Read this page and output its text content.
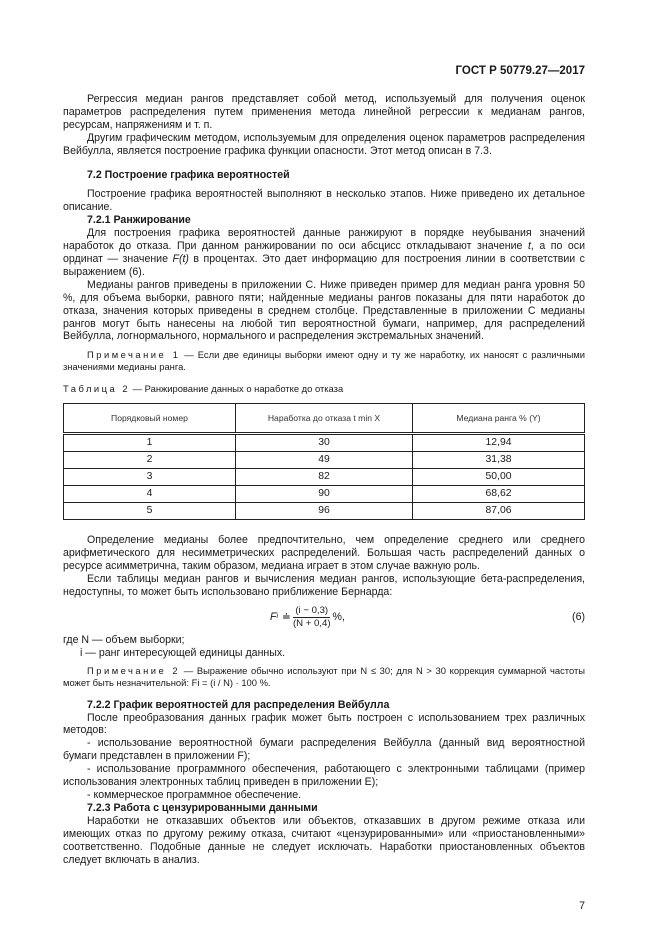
ГОСТ Р 50779.27—2017

Регрессия медиан рангов представляет собой метод, используемый для получения оценок параметров распределения путем применения метода линейной регрессии к медианам рангов, ресурсам, напряжениям и т. п.

Другим графическим методом, используемым для определения оценок параметров распределения Вейбулла, является построение графика функции опасности. Этот метод описан в 7.3.

7.2 Построение графика вероятностей

Построение графика вероятностей выполняют в несколько этапов. Ниже приведено их детальное описание.

7.2.1 Ранжирование

Для построения графика вероятностей данные ранжируют в порядке неубывания значений наработок до отказа. При данном ранжировании по оси абсцисс откладывают значение t, а по оси ординат — значение F(t) в процентах. Это дает информацию для построения линии в соответствии с выражением (6).

Медианы рангов приведены в приложении С. Ниже приведен пример для медиан ранга уровня 50 %, для объема выборки, равного пяти; найденные медианы рангов показаны для пяти наработок до отказа, значения которых приведены в среднем столбце. Представленные в приложении С медианы рангов могут быть нанесены на любой тип вероятностной бумаги, например, для распределений Вейбулла, логнормального, нормального и распределения экстремальных значений.

Примечание 1 — Если две единицы выборки имеют одну и ту же наработку, их наносят с различными значениями медианы ранга.

Таблица 2 — Ранжирование данных о наработке до отказа
Порядковый номер	Наработка до отказа t min X	Медиана ранга % (Y)
1	30	12,94
2	49	31,38
3	82	50,00
4	90	68,62
5	96	87,06

Определение медианы более предпочтительно, чем определение среднего или среднего арифметического для несимметрических распределений. Большая часть распределений данных о ресурсе асимметрична, таким образом, медиана играет в этом случае важную роль.

Если таблицы медиан рангов и вычисления медиан рангов, использующие бета-распределения, недоступны, то может быть использовано приближение Бернарда:

F i ≐ $\frac{(i - 0,3)}{(N + 0,4)}$ %,	(6)
где N — объем выборки;
i — ранг интересующей единицы данных.

Примечание 2 — Выражение обычно используют при N ≤ 30; для N > 30 коррекция суммарной частоты может быть незначительной: Fi = (i / N) · 100 %.

7.2.2 График вероятностей для распределения Вейбулла

После преобразования данных график может быть построен с использованием трех различных методов:

- использование вероятностной бумаги распределения Вейбулла (данный вид вероятностной бумаги представлен в приложении F);

- использование программного обеспечения, работающего с электронными таблицами (пример использования электронных таблиц приведен в приложении Е);

- коммерческое программное обеспечение.

7.2.3 Работа с цензурированными данными

Наработки не отказавших объектов или объектов, отказавших в другом режиме отказа или имеющих отказ по другому режиму отказа, считают «цензурированными» или «приостановленными» соответственно. Подобные данные не следует исключать. Наработки приостановленных объектов следует включать в анализ.

7
